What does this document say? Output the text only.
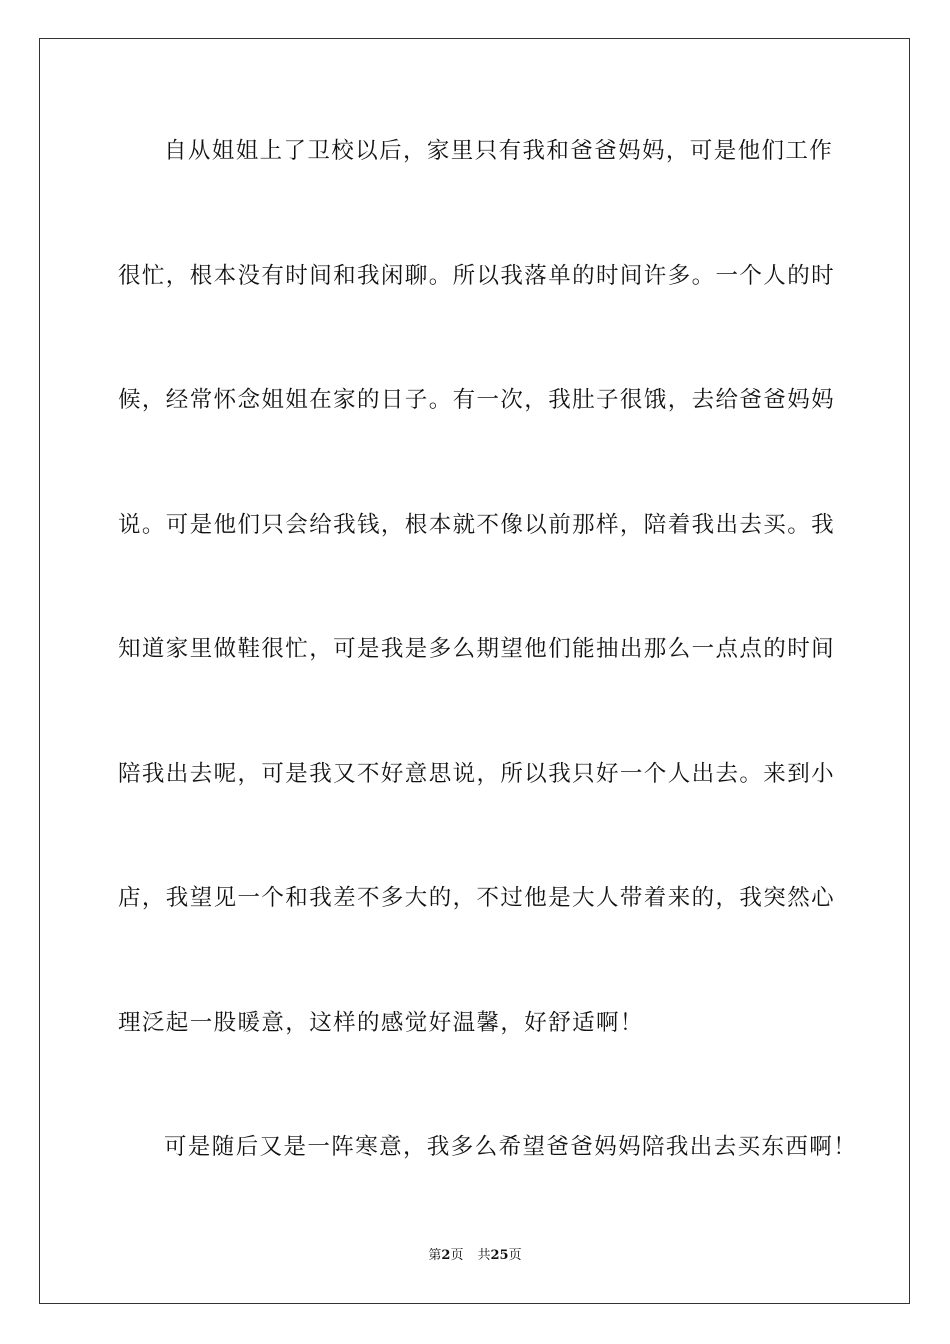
自从姐姐上了卫校以后，家里只有我和爸爸妈妈，可是他们工作
很忙，根本没有时间和我闲聊。所以我落单的时间许多。一个人的时
候，经常怀念姐姐在家的日子。有一次，我肚子很饿，去给爸爸妈妈
说。可是他们只会给我钱，根本就不像以前那样，陪着我出去买。我
知道家里做鞋很忙，可是我是多么期望他们能抽出那么一点点的时间
陪我出去呢，可是我又不好意思说，所以我只好一个人出去。来到小
店，我望见一个和我差不多大的，不过他是大人带着来的，我突然心
理泛起一股暖意，这样的感觉好温馨，好舒适啊！
可是随后又是一阵寒意，我多么希望爸爸妈妈陪我出去买东西啊！
第2页 共25页
